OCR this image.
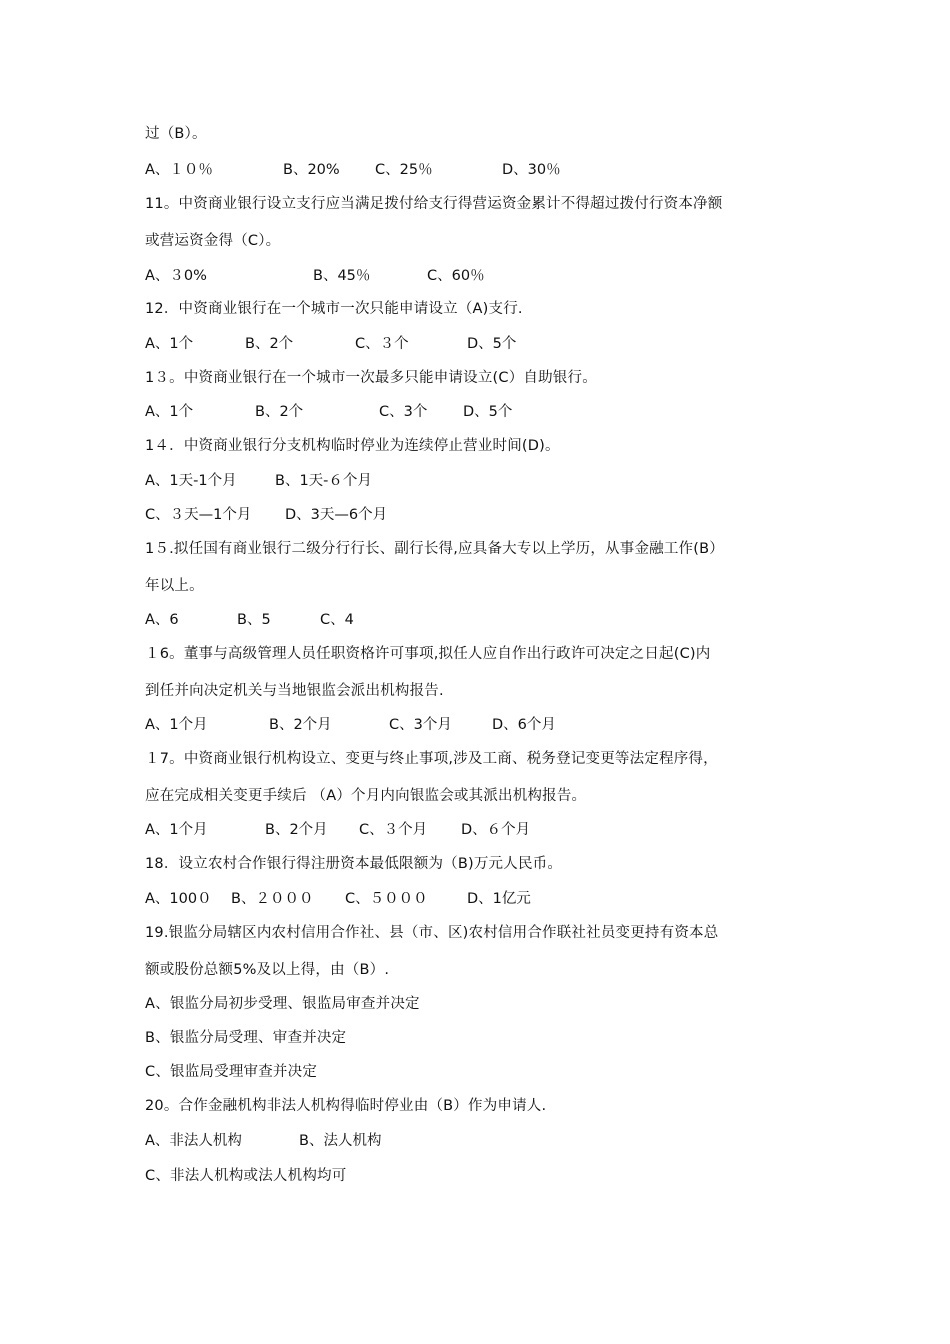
过（B）。

A、１０％

	B、20%

C、25％

	D、30％

11。中资商业银行设立支行应当满足拨付给支行得营运资金累计不得超过拨付行资本净额
或营运资金得（C）。

A、３0%

	B、45％

	C、60％

12．中资商业银行在一个城市一次只能申请设立（A)支行.

A、1个

	B、2个

	C、３个

	D、5个

1３。中资商业银行在一个城市一次最多只能申请设立(C）自助银行。

A、1个

	B、2个

	C、3个

D、5个

1４．中资商业银行分支机构临时停业为连续停止营业时间(D)。

A、1天-1个月

	B、1天-６个月

C、３天—1个月

D、3天—6个月

1５.拟任国有商业银行二级分行行长、副行长得,应具备大专以上学历，从事金融工作(B）
年以上。

A、6

	B、5

	C、4

１6。董事与高级管理人员任职资格许可事项,拟任人应自作出行政许可决定之日起(C)内
到任并向决定机关与当地银监会派出机构报告.

A、1个月

	B、2个月

	C、3个月

	D、6个月

１7。中资商业银行机构设立、变更与终止事项,涉及工商、税务登记变更等法定程序得，
应在完成相关变更手续后 （A）个月内向银监会或其派出机构报告。

A、1个月

	B、2个月

C、３个月

D、６个月

18．设立农村合作银行得注册资本最低限额为（B)万元人民币。

A、100０

B、２０００

C、５０００

	D、1亿元

19.银监分局辖区内农村信用合作社、县（市、区)农村信用合作联社社员变更持有资本总
额或股份总额5%及以上得，由（B）.
A、银监分局初步受理、银监局审查并决定
B、银监分局受理、审查并决定
C、银监局受理审查并决定
20。合作金融机构非法人机构得临时停业由（B）作为申请人.

A、非法人机构

	B、法人机构

C、非法人机构或法人机构均可
